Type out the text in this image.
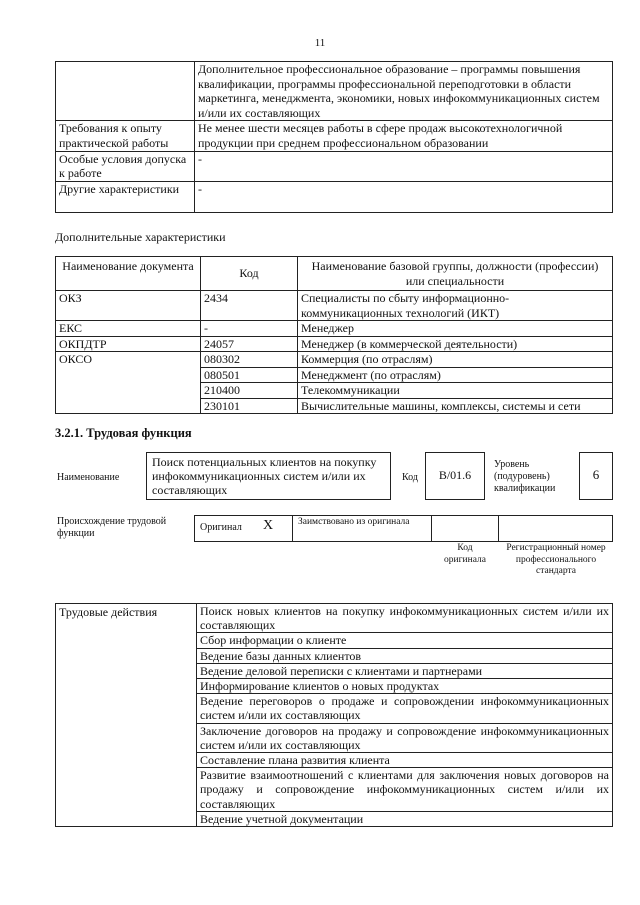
11
	Дополнительное профессиональное образование – программы повышения квалификации, программы профессиональной переподготовки в области маркетинга, менеджмента, экономики, новых инфокоммуникационных систем и/или их составляющих
Требования к опыту практической работы	Не менее шести месяцев работы в сфере продаж высокотехнологичной продукции при среднем профессиональном образовании
Особые условия допуска к работе	-
Другие характеристики	-
Дополнительные характеристики
Наименование документа	Код	Наименование базовой группы, должности (профессии) или специальности
ОКЗ	2434	Специалисты по сбыту информационно-коммуникационных технологий (ИКТ)
ЕКС	-	Менеджер
ОКПДТР	24057	Менеджер (в коммерческой деятельности)
ОКСО	080302	Коммерция (по отраслям)
	080501	Менеджмент (по отраслям)
	210400	Телекоммуникации
	230101	Вычислительные машины, комплексы, системы и сети
3.2.1. Трудовая функция
Наименование
Поиск потенциальных клиентов на покупку инфокоммуникационных систем и/или их составляющих
Код	B/01.6
Уровень (подуровень) квалификации
6
Происхождение трудовой функции
Оригинал X	Заимствовано из оригинала
Код оригинала
Регистрационный номер профессионального стандарта
Трудовые действия	Поиск новых клиентов на покупку инфокоммуникационных систем и/или их составляющих
Сбор информации о клиенте
Ведение базы данных клиентов
Ведение деловой переписки с клиентами и партнерами
Информирование клиентов о новых продуктах
Ведение переговоров о продаже и сопровождении инфокоммуникационных систем и/или их составляющих
Заключение договоров на продажу и сопровождение инфокоммуникационных систем и/или их составляющих
Составление плана развития клиента
Развитие взаимоотношений с клиентами для заключения новых договоров на продажу и сопровождение инфокоммуникационных систем и/или их составляющих
Ведение учетной документации
